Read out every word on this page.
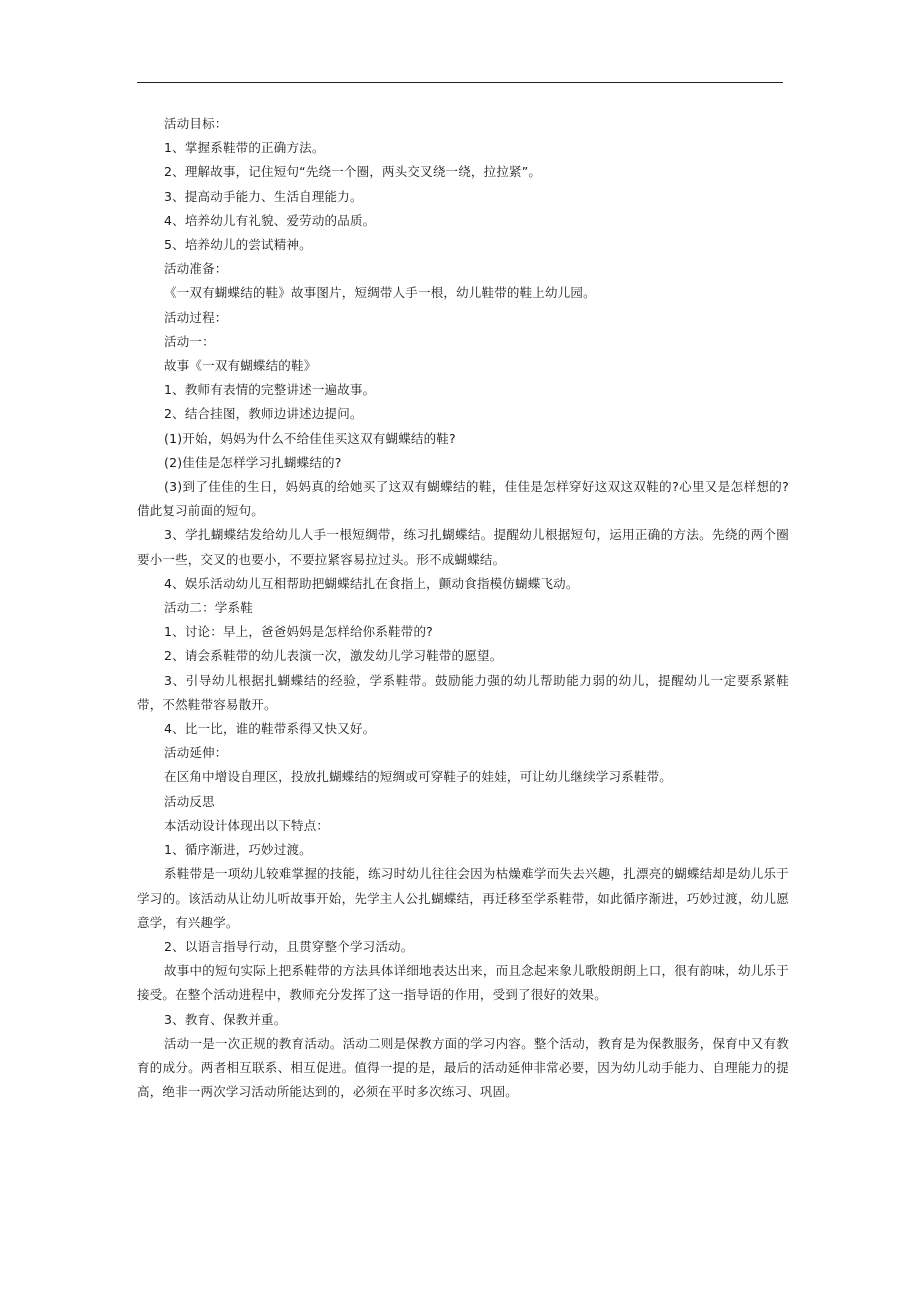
活动目标：

1、掌握系鞋带的正确方法。

2、理解故事，记住短句“先绕一个圈，两头交叉绕一绕，拉拉紧”。

3、提高动手能力、生活自理能力。

4、培养幼儿有礼貌、爱劳动的品质。

5、培养幼儿的尝试精神。

活动准备：

《一双有蝴蝶结的鞋》故事图片，短绸带人手一根，幼儿鞋带的鞋上幼儿园。

活动过程：

活动一：

故事《一双有蝴蝶结的鞋》

1、教师有表情的完整讲述一遍故事。

2、结合挂图，教师边讲述边提问。

(1)开始，妈妈为什么不给佳佳买这双有蝴蝶结的鞋?

(2)佳佳是怎样学习扎蝴蝶结的?

(3)到了佳佳的生日，妈妈真的给她买了这双有蝴蝶结的鞋，佳佳是怎样穿好这双这双鞋的?心里又是怎样想的?借此复习前面的短句。

3、学扎蝴蝶结发给幼儿人手一根短绸带，练习扎蝴蝶结。提醒幼儿根据短句，运用正确的方法。先绕的两个圈要小一些，交叉的也要小，不要拉紧容易拉过头。形不成蝴蝶结。

4、娱乐活动幼儿互相帮助把蝴蝶结扎在食指上，颤动食指模仿蝴蝶飞动。

活动二：学系鞋

1、讨论：早上，爸爸妈妈是怎样给你系鞋带的?

2、请会系鞋带的幼儿表演一次，激发幼儿学习鞋带的愿望。

3、引导幼儿根据扎蝴蝶结的经验，学系鞋带。鼓励能力强的幼儿帮助能力弱的幼儿，提醒幼儿一定要系紧鞋带，不然鞋带容易散开。

4、比一比，谁的鞋带系得又快又好。

活动延伸：

在区角中增设自理区，投放扎蝴蝶结的短绸或可穿鞋子的娃娃，可让幼儿继续学习系鞋带。

活动反思

本活动设计体现出以下特点：

1、循序渐进，巧妙过渡。

系鞋带是一项幼儿较难掌握的技能，练习时幼儿往往会因为枯燥难学而失去兴趣，扎漂亮的蝴蝶结却是幼儿乐于学习的。该活动从让幼儿听故事开始，先学主人公扎蝴蝶结，再迁移至学系鞋带，如此循序渐进，巧妙过渡，幼儿愿意学，有兴趣学。

2、以语言指导行动，且贯穿整个学习活动。

故事中的短句实际上把系鞋带的方法具体详细地表达出来，而且念起来象儿歌般朗朗上口，很有韵味，幼儿乐于接受。在整个活动进程中，教师充分发挥了这一指导语的作用，受到了很好的效果。

3、教育、保教并重。

活动一是一次正规的教育活动。活动二则是保教方面的学习内容。整个活动，教育是为保教服务，保育中又有教育的成分。两者相互联系、相互促进。值得一提的是，最后的活动延伸非常必要，因为幼儿动手能力、自理能力的提高，绝非一两次学习活动所能达到的，必须在平时多次练习、巩固。
